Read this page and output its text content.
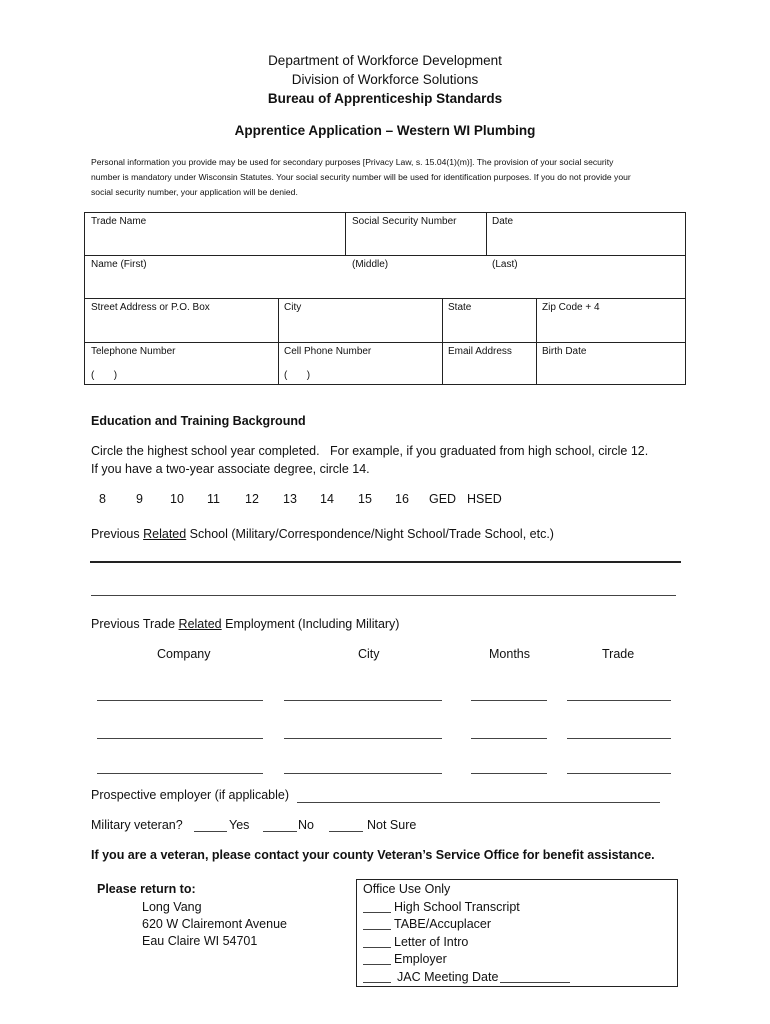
Department of Workforce Development
Division of Workforce Solutions
Bureau of Apprenticeship Standards
Apprentice Application – Western WI Plumbing
Personal information you provide may be used for secondary purposes [Privacy Law, s. 15.04(1)(m)]. The provision of your social security
number is mandatory under Wisconsin Statutes. Your social security number will be used for identification purposes. If you do not provide your
social security number, your application will be denied.
Trade Name	Social Security Number	Date
Name (First)	(Middle)	(Last)
Street Address or P.O. Box	City	State	Zip Code + 4
Telephone Number	Cell Phone Number	Email Address	Birth Date
(       )	(       )
Education and Training Background
Circle the highest school year completed.   For example, if you graduated from high school, circle 12.
If you have a two-year associate degree, circle 14.
8 9 10 11 12 13 14 15 16 GED HSED
Previous Related School (Military/Correspondence/Night School/Trade School, etc.)
Previous Trade Related Employment (Including Military)
Company	City	Months	Trade
Prospective employer (if applicable)
Military veteran?	Yes	No	Not Sure
If you are a veteran, please contact your county Veteran’s Service Office for benefit assistance.
Please return to:
Long Vang
620 W Clairemont Avenue
Eau Claire WI 54701
Office Use Only
High School Transcript
TABE/Accuplacer
Letter of Intro
Employer
JAC Meeting Date
